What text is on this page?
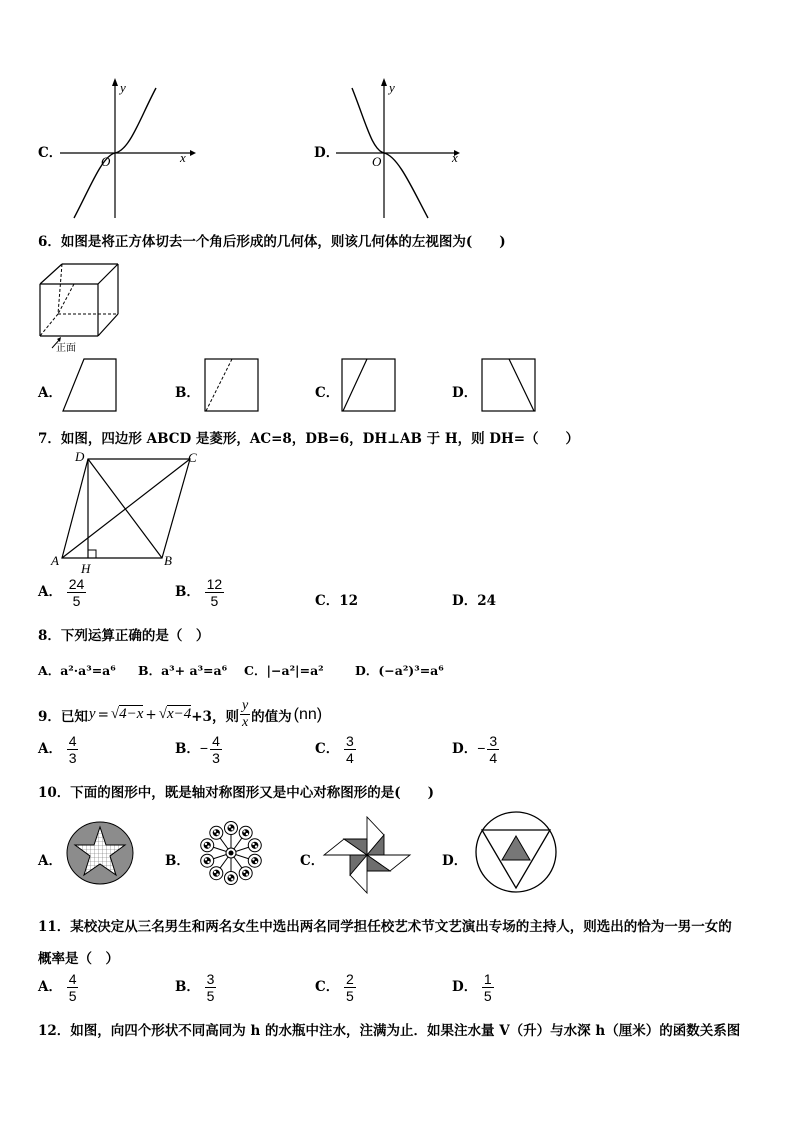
C．
y
x
O
D．
y
x
O
6．如图是将正方体切去一个角后形成的几何体，则该几何体的左视图为(　　)
正面
A．	B．	C．	D．
7．如图，四边形 ABCD 是菱形，AC=8，DB=6，DH⊥AB 于 H，则 DH=（　　）
D	C
A	B
H
A． $\frac{24}{5}$	B． $\frac{12}{5}$	C．12	D．24
8．下列运算正确的是（　）
A．a²·a³=a⁶ B．a³+ a³=a⁶ C．|−a²|=a²	D．(−a²)³=a⁶
9．已知 y = √4−x + √x−4 +3，则 $\frac{y}{x}$ 的值为 (nn)
A． $\frac{4}{3}$	B．− $\frac{4}{3}$	C． $\frac{3}{4}$	D．− $\frac{3}{4}$
10．下面的图形中，既是轴对称图形又是中心对称图形的是(　　)
A．	B．	C．	D．
11．某校决定从三名男生和两名女生中选出两名同学担任校艺术节文艺演出专场的主持人，则选出的恰为一男一女的
概率是（　）
A． $\frac{4}{5}$	B． $\frac{3}{5}$	C． $\frac{2}{5}$	D． $\frac{1}{5}$
12．如图，向四个形状不同高同为 h 的水瓶中注水，注满为止．如果注水量 V（升）与水深 h（厘米）的函数关系图
